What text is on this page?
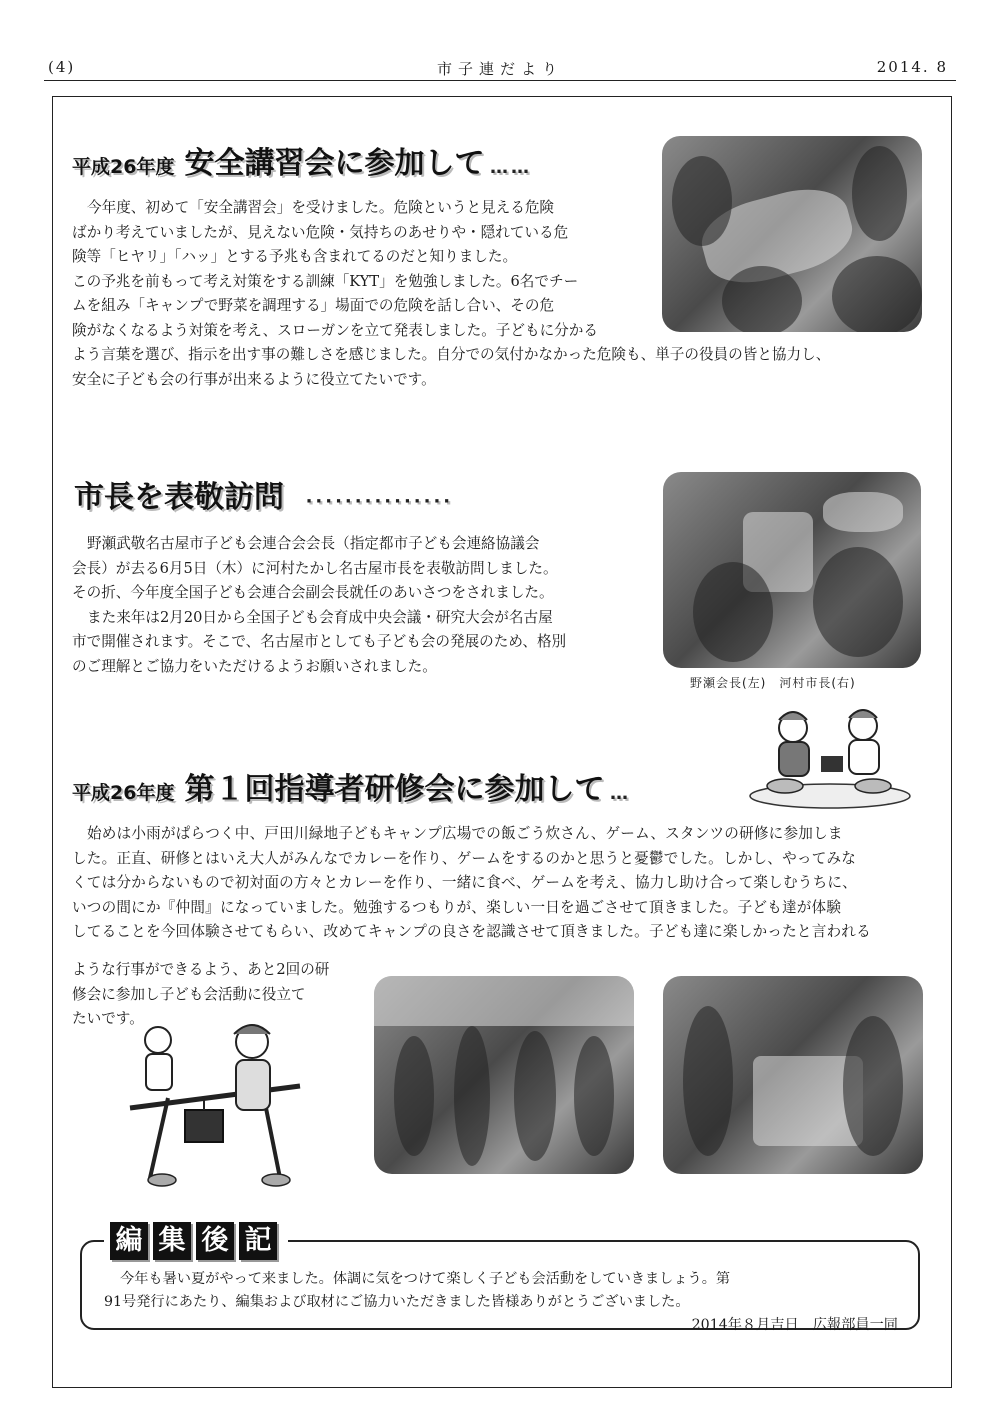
(4)	市子連だより	2014. 8
平成26年度 安全講習会に参加して ……

今年度、初めて「安全講習会」を受けました。危険というと見える危険

ばかり考えていましたが、見えない危険・気持ちのあせりや・隠れている危

険等「ヒヤリ」「ハッ」とする予兆も含まれてるのだと知りました。

この予兆を前もって考え対策をする訓練「KYT」を勉強しました。6名でチー

ムを組み「キャンプで野菜を調理する」場面での危険を話し合い、その危

険がなくなるよう対策を考え、スローガンを立て発表しました。子どもに分かる

よう言葉を選び、指示を出す事の難しさを感じました。自分での気付かなかった危険も、単子の役員の皆と協力し、

安全に子ども会の行事が出来るように役立てたいです。

市長を表敬訪問 ···············
野瀬会長(左)　河村市長(右)

野瀬武敬名古屋市子ども会連合会会長（指定都市子ども会連絡協議会

会長）が去る6月5日（木）に河村たかし名古屋市長を表敬訪問しました。

その折、今年度全国子ども会連合会副会長就任のあいさつをされました。

また来年は2月20日から全国子ども会育成中央会議・研究大会が名古屋

市で開催されます。そこで、名古屋市としても子ども会の発展のため、格別

のご理解とご協力をいただけるようお願いされました。

平成26年度 第１回指導者研修会に参加して …

始めは小雨がぱらつく中、戸田川緑地子どもキャンプ広場での飯ごう炊さん、ゲーム、スタンツの研修に参加しま

した。正直、研修とはいえ大人がみんなでカレーを作り、ゲームをするのかと思うと憂鬱でした。しかし、やってみな

くては分からないもので初対面の方々とカレーを作り、一緒に食べ、ゲームを考え、協力し助け合って楽しむうちに、

いつの間にか『仲間』になっていました。勉強するつもりが、楽しい一日を過ごさせて頂きました。子ども達が体験

してることを今回体験させてもらい、改めてキャンプの良さを認識させて頂きました。子ども達に楽しかったと言われる

ような行事ができるよう、あと2回の研

修会に参加し子ども会活動に役立て

たいです。

編 集 後 記

今年も暑い夏がやって来ました。体調に気をつけて楽しく子ども会活動をしていきましょう。第

91号発行にあたり、編集および取材にご協力いただきました皆様ありがとうございました。

2014年８月吉日　広報部員一同
